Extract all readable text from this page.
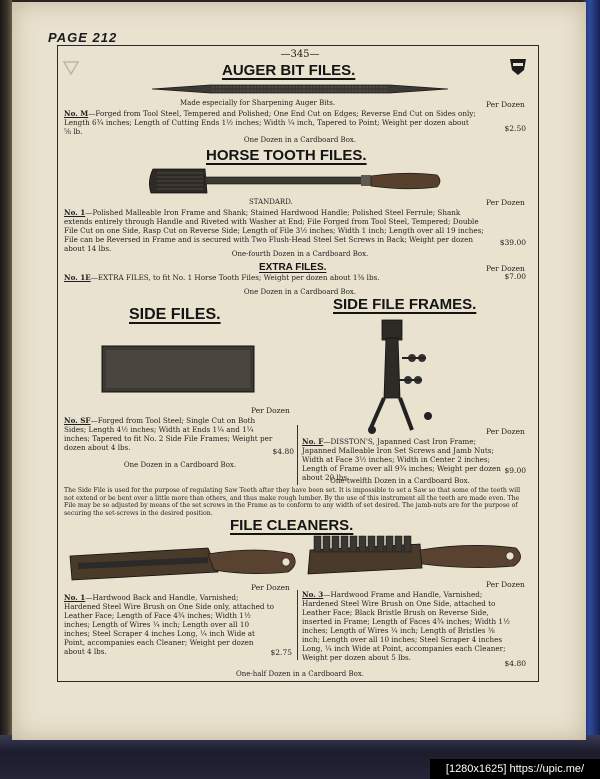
PAGE 212
—345—
AUGER BIT FILES.
Made especially for Sharpening Auger Bits.	Per Dozen
No. M—Forged from Tool Steel, Tempered and Polished; One End Cut on Edges; Reverse End Cut on Sides only; Length 6¾ inches; Length of Cutting Ends 1½ inches; Width ¼ inch, Tapered to Point; Weight per dozen about ⅝ lb.	$2.50
One Dozen in a Cardboard Box.
HORSE TOOTH FILES.
STANDARD.	Per Dozen
No. 1—Polished Malleable Iron Frame and Shank; Stained Hardwood Handle; Polished Steel Ferrule; Shank extends entirely through Handle and Riveted with Washer at End; File Forged from Tool Steel, Tempered; Double File Cut on one Side, Rasp Cut on Reverse Side; Length of File 3½ inches; Width 1 inch; Length over all 19 inches; File can be Reversed in Frame and is secured with Two Flush-Head Steel Set Screws in Back; Weight per dozen about 14 lbs.
$39.00
One-fourth Dozen in a Cardboard Box.
EXTRA FILES.	Per Dozen
No. 1E—EXTRA FILES, to fit No. 1 Horse Tooth Files; Weight per dozen about 1⅜ lbs.	$7.00
One Dozen in a Cardboard Box.
SIDE FILES.
SIDE FILE FRAMES.
Per Dozen
No. SF—Forged from Tool Steel; Single Cut on Both Sides; Length 4½ inches; Width at Ends 1¼ and 1¼ inches; Tapered to fit No. 2 Side File Frames; Weight per dozen about 4 lbs.	$4.80
One Dozen in a Cardboard Box.
Per Dozen
No. F—DISSTON'S, Japanned Cast Iron Frame; Japanned Malleable Iron Set Screws and Jamb Nuts; Width at Face 3½ inches; Width in Center 2 inches; Length of Frame over all 9¾ inches; Weight per dozen about 20 lbs.
$9.00
One-twelfth Dozen in a Cardboard Box.
The Side File is used for the purpose of regulating Saw Teeth after they have been set. It is impossible to set a Saw so that some of the teeth will not extend or be bent over a little more than others, and thus make rough lumber. By the use of this instrument all the teeth are made even. The File may be so adjusted by means of the set screws in the Frame as to conform to any width of set desired. The jamb-nuts are for the purpose of securing the set-screws in the desired position.
FILE CLEANERS.
Per Dozen
No. 1—Hardwood Back and Handle, Varnished; Hardened Steel Wire Brush on One Side only, attached to Leather Face; Length of Face 4¾ inches; Width 1½ inches; Length of Wires ¼ inch; Length over all 10 inches; Steel Scraper 4 inches Long, ¼ inch Wide at Point, accompanies each Cleaner; Weight per dozen about 4 lbs.	$2.75
Per Dozen
No. 3—Hardwood Frame and Handle, Varnished; Hardened Steel Wire Brush on One Side, attached to Leather Face; Black Bristle Brush on Reverse Side, inserted in Frame; Length of Faces 4¾ inches; Width 1½ inches; Length of Wires ¼ inch; Length of Bristles ⅜ inch; Length over all 10 inches; Steel Scraper 4 inches Long, ¼ inch Wide at Point, accompanies each Cleaner; Weight per dozen about 5 lbs.
$4.80
One-half Dozen in a Cardboard Box.
[1280x1625] https://upic.me/
